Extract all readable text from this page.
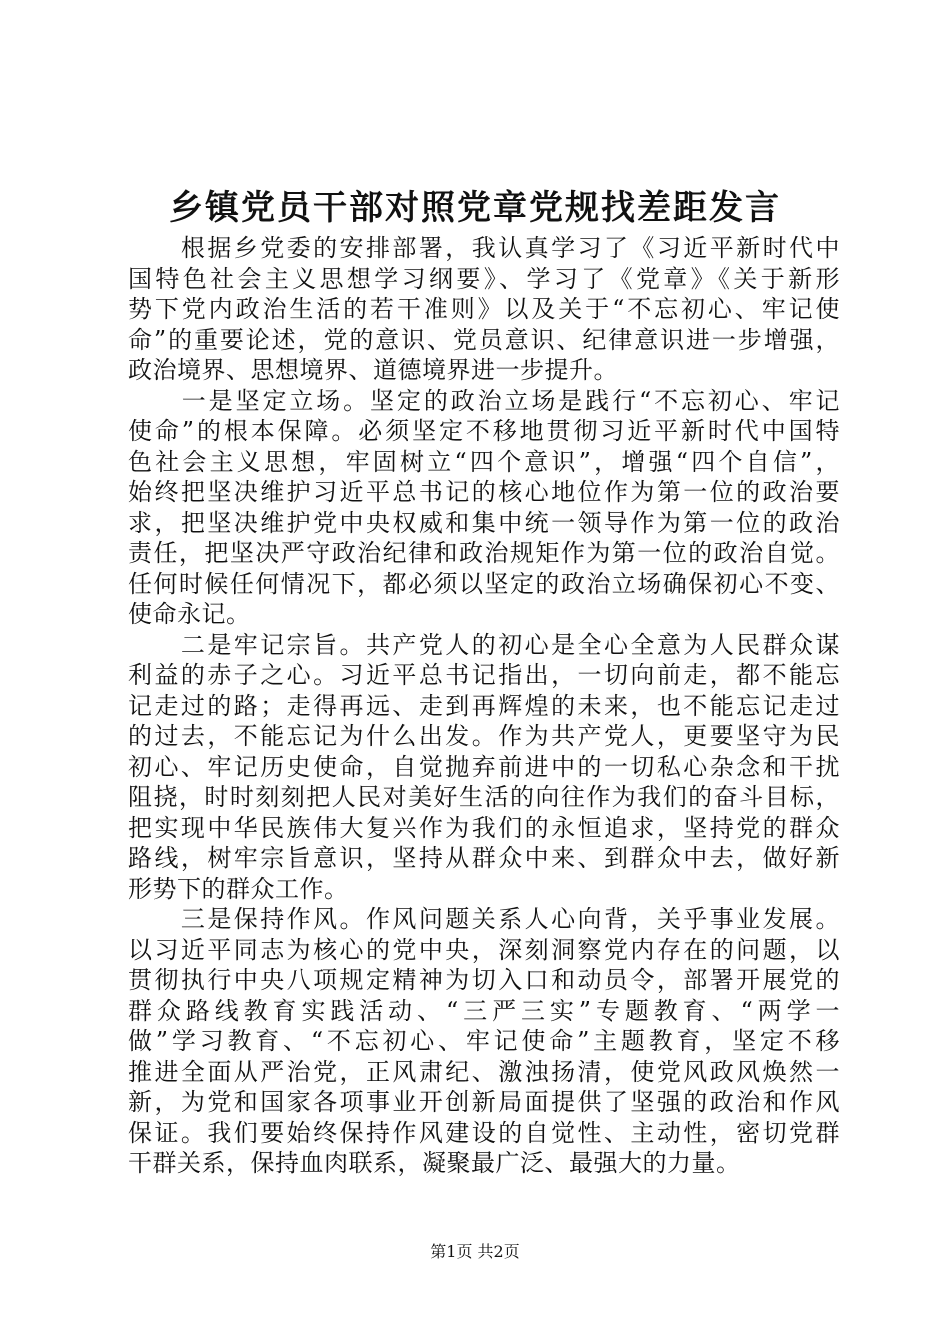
乡镇党员干部对照党章党规找差距发言
　　根据乡党委的安排部署，我认真学习了《习近平新时代中
国特色社会主义思想学习纲要》、学习了《党章》《关于新形
势下党内政治生活的若干准则》以及关于“不忘初心、牢记使
命”的重要论述，党的意识、党员意识、纪律意识进一步增强，
政治境界、思想境界、道德境界进一步提升。
　　一是坚定立场。坚定的政治立场是践行“不忘初心、牢记
使命”的根本保障。必须坚定不移地贯彻习近平新时代中国特
色社会主义思想，牢固树立“四个意识”，增强“四个自信”，
始终把坚决维护习近平总书记的核心地位作为第一位的政治要
求，把坚决维护党中央权威和集中统一领导作为第一位的政治
责任，把坚决严守政治纪律和政治规矩作为第一位的政治自觉。
任何时候任何情况下，都必须以坚定的政治立场确保初心不变、
使命永记。
　　二是牢记宗旨。共产党人的初心是全心全意为人民群众谋
利益的赤子之心。习近平总书记指出，一切向前走，都不能忘
记走过的路；走得再远、走到再辉煌的未来，也不能忘记走过
的过去，不能忘记为什么出发。作为共产党人，更要坚守为民
初心、牢记历史使命，自觉抛弃前进中的一切私心杂念和干扰
阻挠，时时刻刻把人民对美好生活的向往作为我们的奋斗目标，
把实现中华民族伟大复兴作为我们的永恒追求，坚持党的群众
路线，树牢宗旨意识，坚持从群众中来、到群众中去，做好新
形势下的群众工作。
　　三是保持作风。作风问题关系人心向背，关乎事业发展。
以习近平同志为核心的党中央，深刻洞察党内存在的问题，以
贯彻执行中央八项规定精神为切入口和动员令，部署开展党的
群众路线教育实践活动、“三严三实”专题教育、“两学一
做”学习教育、“不忘初心、牢记使命”主题教育，坚定不移
推进全面从严治党，正风肃纪、激浊扬清，使党风政风焕然一
新，为党和国家各项事业开创新局面提供了坚强的政治和作风
保证。我们要始终保持作风建设的自觉性、主动性，密切党群
干群关系，保持血肉联系，凝聚最广泛、最强大的力量。
第1页 共2页
